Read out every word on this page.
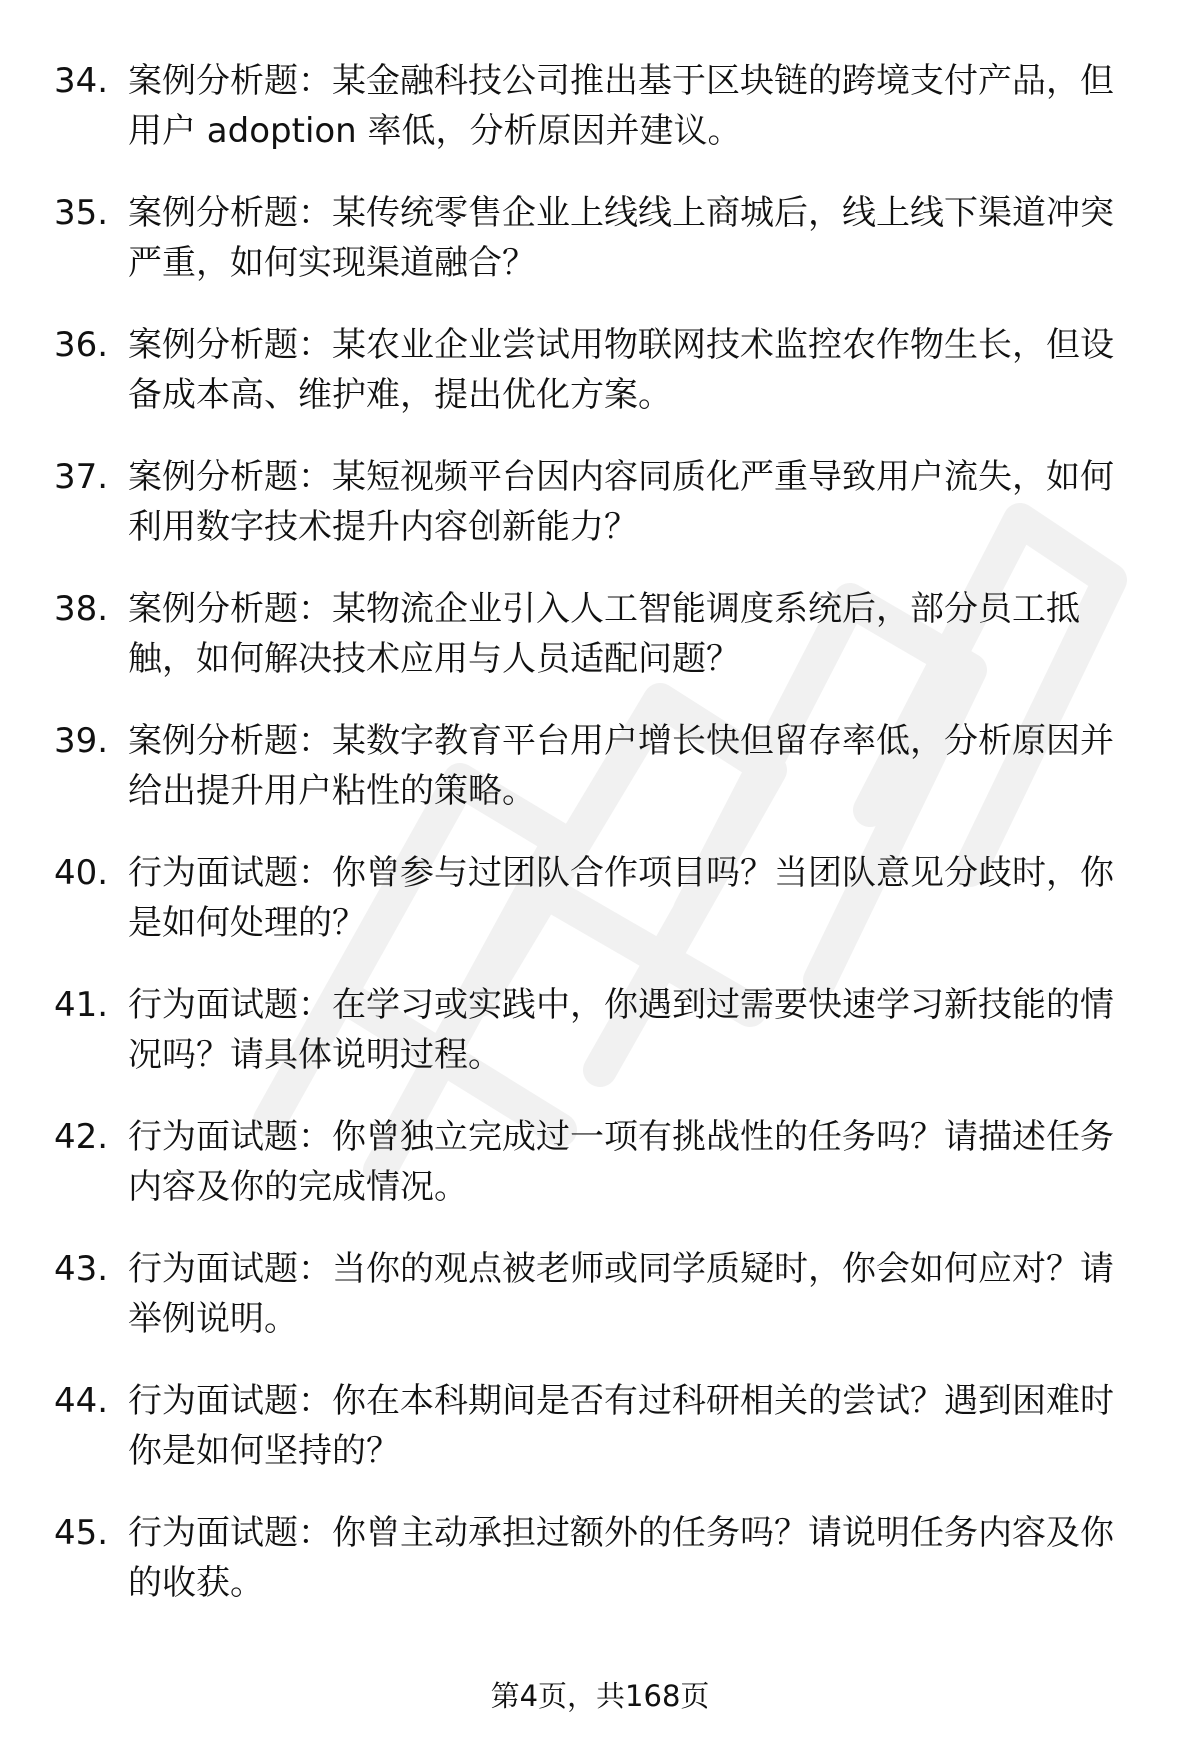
34. 案例分析题：某金融科技公司推出基于区块链的跨境支付产品，但用户 adoption 率低，分析原因并建议。
35. 案例分析题：某传统零售企业上线线上商城后，线上线下渠道冲突严重，如何实现渠道融合？
36. 案例分析题：某农业企业尝试用物联网技术监控农作物生长，但设备成本高、维护难，提出优化方案。
37. 案例分析题：某短视频平台因内容同质化严重导致用户流失，如何利用数字技术提升内容创新能力？
38. 案例分析题：某物流企业引入人工智能调度系统后，部分员工抵触，如何解决技术应用与人员适配问题？
39. 案例分析题：某数字教育平台用户增长快但留存率低，分析原因并给出提升用户粘性的策略。
40. 行为面试题：你曾参与过团队合作项目吗？当团队意见分歧时，你是如何处理的？
41. 行为面试题：在学习或实践中，你遇到过需要快速学习新技能的情况吗？请具体说明过程。
42. 行为面试题：你曾独立完成过一项有挑战性的任务吗？请描述任务内容及你的完成情况。
43. 行为面试题：当你的观点被老师或同学质疑时，你会如何应对？请举例说明。
44. 行为面试题：你在本科期间是否有过科研相关的尝试？遇到困难时你是如何坚持的？
45. 行为面试题：你曾主动承担过额外的任务吗？请说明任务内容及你的收获。
第4页，共168页
